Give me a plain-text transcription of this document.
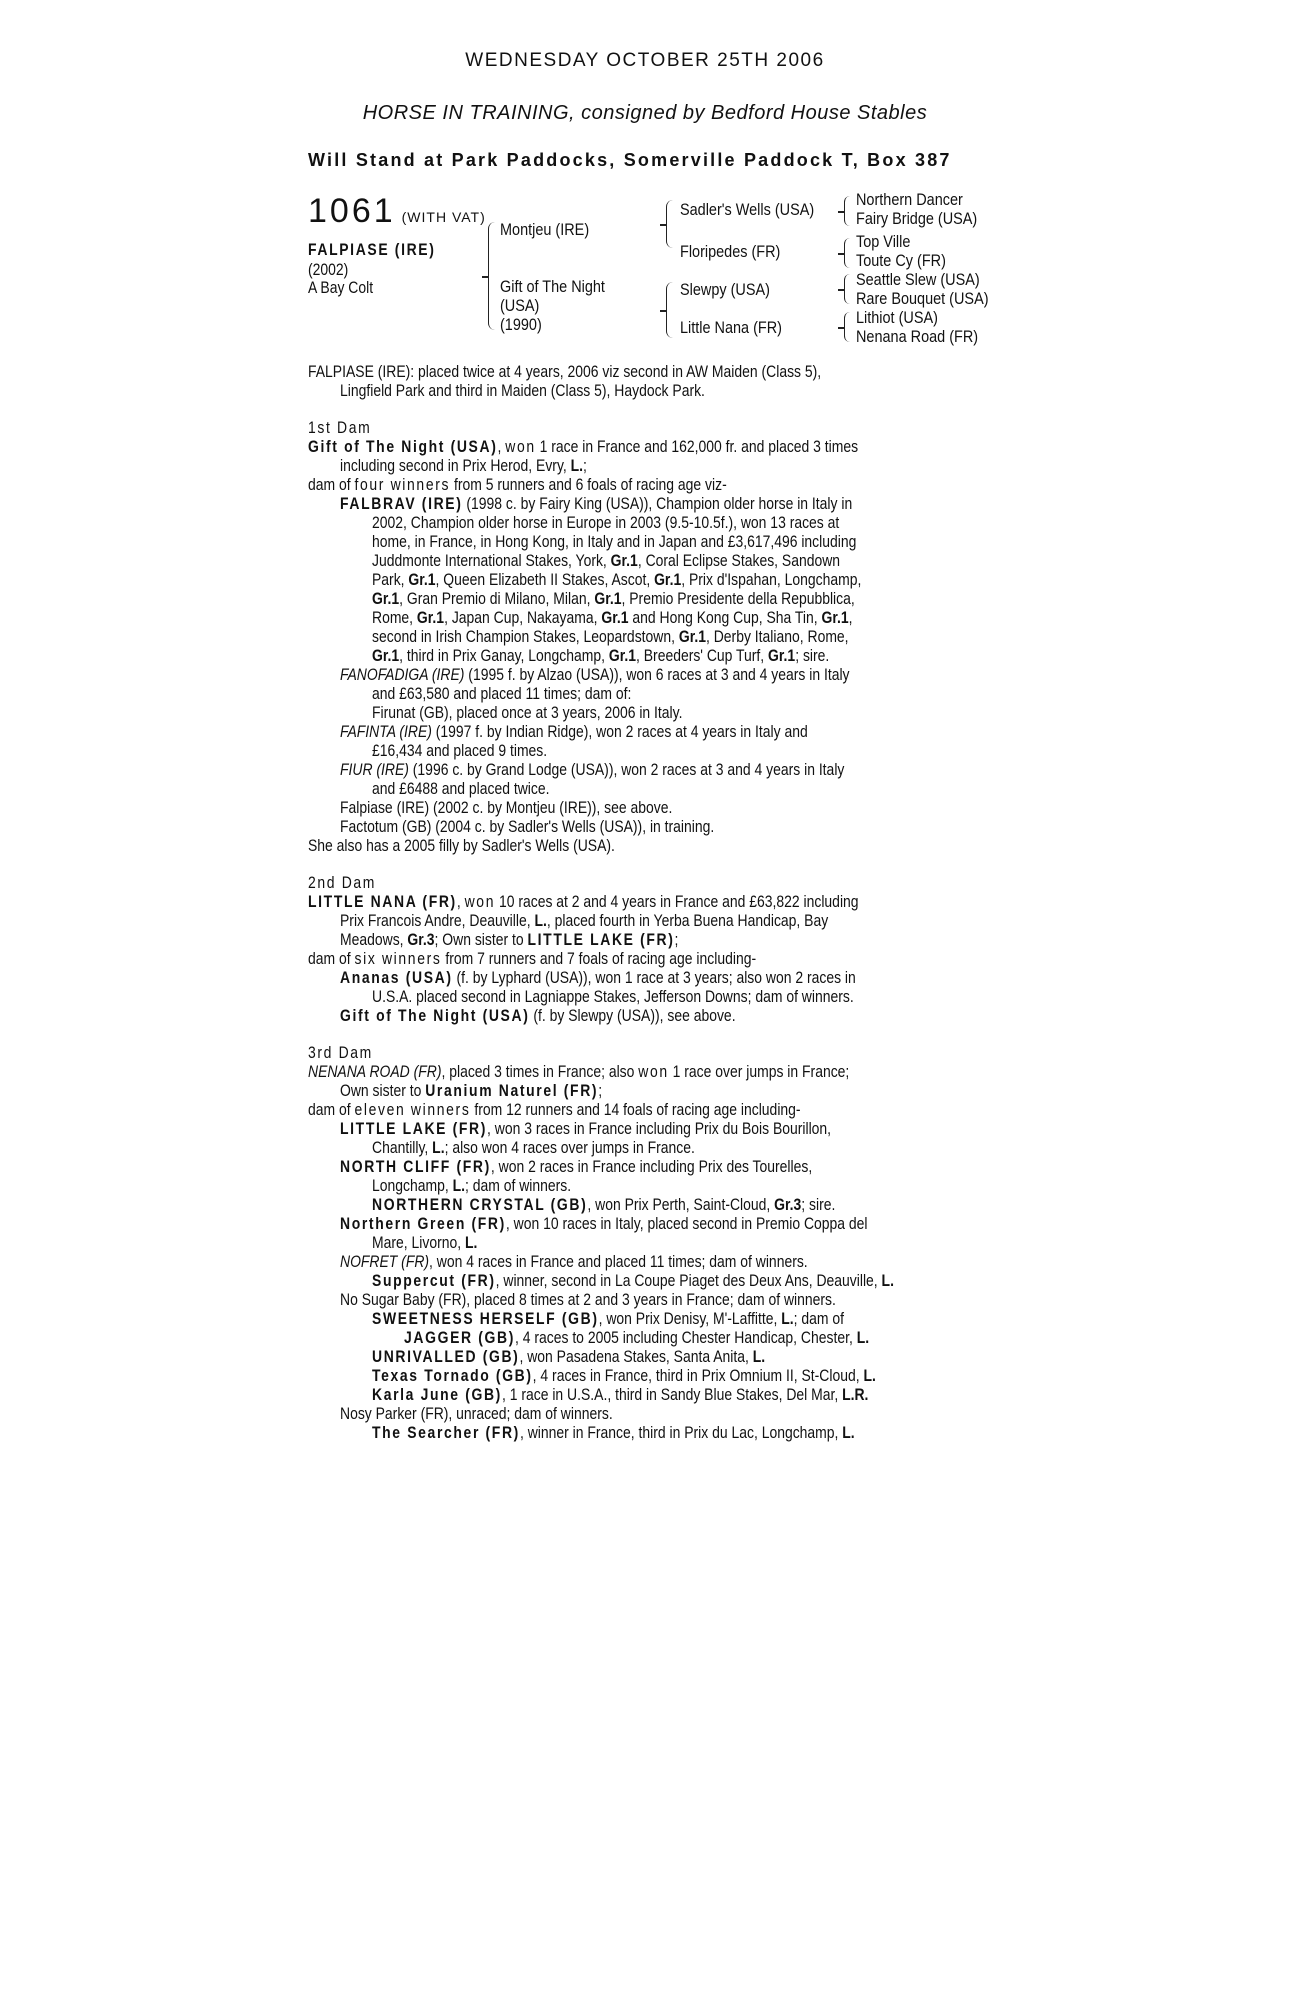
WEDNESDAY OCTOBER 25TH 2006
HORSE IN TRAINING, consigned by Bedford House Stables
Will Stand at Park Paddocks, Somerville Paddock T, Box 387
1061 (WITH VAT)
FALPIASE (IRE)
(2002)
A Bay Colt
Montjeu (IRE)
Gift of The Night
(USA)
(1990)
Sadler's Wells (USA)
Floripedes (FR)
Slewpy (USA)
Little Nana (FR)
Northern Dancer
Fairy Bridge (USA)
Top Ville
Toute Cy (FR)
Seattle Slew (USA)
Rare Bouquet (USA)
Lithiot (USA)
Nenana Road (FR)
FALPIASE (IRE): placed twice at 4 years, 2006 viz second in AW Maiden (Class 5),
Lingfield Park and third in Maiden (Class 5), Haydock Park.
1st Dam
Gift of The Night (USA), won 1 race in France and 162,000 fr. and placed 3 times
including second in Prix Herod, Evry, L.;
dam of four winners from 5 runners and 6 foals of racing age viz-
FALBRAV (IRE) (1998 c. by Fairy King (USA)), Champion older horse in Italy in
2002, Champion older horse in Europe in 2003 (9.5-10.5f.), won 13 races at
home, in France, in Hong Kong, in Italy and in Japan and £3,617,496 including
Juddmonte International Stakes, York, Gr.1, Coral Eclipse Stakes, Sandown
Park, Gr.1, Queen Elizabeth II Stakes, Ascot, Gr.1, Prix d'Ispahan, Longchamp,
Gr.1, Gran Premio di Milano, Milan, Gr.1, Premio Presidente della Repubblica,
Rome, Gr.1, Japan Cup, Nakayama, Gr.1 and Hong Kong Cup, Sha Tin, Gr.1,
second in Irish Champion Stakes, Leopardstown, Gr.1, Derby Italiano, Rome,
Gr.1, third in Prix Ganay, Longchamp, Gr.1, Breeders' Cup Turf, Gr.1; sire.
FANOFADIGA (IRE) (1995 f. by Alzao (USA)), won 6 races at 3 and 4 years in Italy
and £63,580 and placed 11 times; dam of:
Firunat (GB), placed once at 3 years, 2006 in Italy.
FAFINTA (IRE) (1997 f. by Indian Ridge), won 2 races at 4 years in Italy and
£16,434 and placed 9 times.
FIUR (IRE) (1996 c. by Grand Lodge (USA)), won 2 races at 3 and 4 years in Italy
and £6488 and placed twice.
Falpiase (IRE) (2002 c. by Montjeu (IRE)), see above.
Factotum (GB) (2004 c. by Sadler's Wells (USA)), in training.
She also has a 2005 filly by Sadler's Wells (USA).
2nd Dam
LITTLE NANA (FR), won 10 races at 2 and 4 years in France and £63,822 including
Prix Francois Andre, Deauville, L., placed fourth in Yerba Buena Handicap, Bay
Meadows, Gr.3; Own sister to LITTLE LAKE (FR);
dam of six winners from 7 runners and 7 foals of racing age including-
Ananas (USA) (f. by Lyphard (USA)), won 1 race at 3 years; also won 2 races in
U.S.A. placed second in Lagniappe Stakes, Jefferson Downs; dam of winners.
Gift of The Night (USA) (f. by Slewpy (USA)), see above.
3rd Dam
NENANA ROAD (FR), placed 3 times in France; also won 1 race over jumps in France;
Own sister to Uranium Naturel (FR);
dam of eleven winners from 12 runners and 14 foals of racing age including-
LITTLE LAKE (FR), won 3 races in France including Prix du Bois Bourillon,
Chantilly, L.; also won 4 races over jumps in France.
NORTH CLIFF (FR), won 2 races in France including Prix des Tourelles,
Longchamp, L.; dam of winners.
NORTHERN CRYSTAL (GB), won Prix Perth, Saint-Cloud, Gr.3; sire.
Northern Green (FR), won 10 races in Italy, placed second in Premio Coppa del
Mare, Livorno, L.
NOFRET (FR), won 4 races in France and placed 11 times; dam of winners.
Suppercut (FR), winner, second in La Coupe Piaget des Deux Ans, Deauville, L.
No Sugar Baby (FR), placed 8 times at 2 and 3 years in France; dam of winners.
SWEETNESS HERSELF (GB), won Prix Denisy, M'-Laffitte, L.; dam of
JAGGER (GB), 4 races to 2005 including Chester Handicap, Chester, L.
UNRIVALLED (GB), won Pasadena Stakes, Santa Anita, L.
Texas Tornado (GB), 4 races in France, third in Prix Omnium II, St-Cloud, L.
Karla June (GB), 1 race in U.S.A., third in Sandy Blue Stakes, Del Mar, L.R.
Nosy Parker (FR), unraced; dam of winners.
The Searcher (FR), winner in France, third in Prix du Lac, Longchamp, L.
